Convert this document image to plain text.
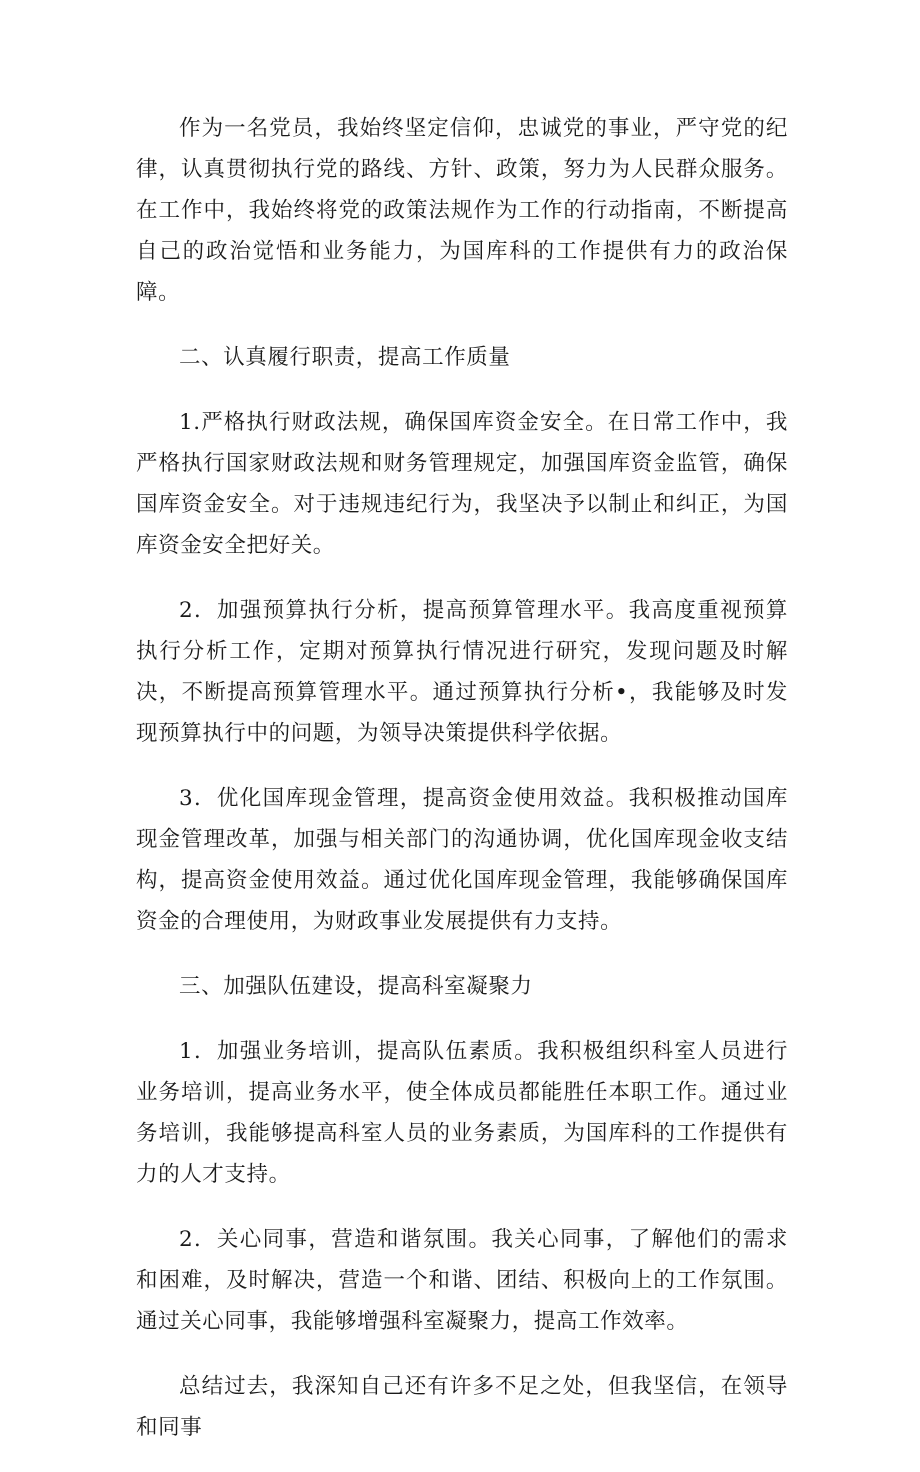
作为一名党员，我始终坚定信仰，忠诚党的事业，严守党的纪律，认真贯彻执行党的路线、方针、政策，努力为人民群众服务。在工作中，我始终将党的政策法规作为工作的行动指南，不断提高自己的政治觉悟和业务能力，为国库科的工作提供有力的政治保障。

二、认真履行职责，提高工作质量

1.严格执行财政法规，确保国库资金安全。在日常工作中，我严格执行国家财政法规和财务管理规定，加强国库资金监管，确保国库资金安全。对于违规违纪行为，我坚决予以制止和纠正，为国库资金安全把好关。

2．加强预算执行分析，提高预算管理水平。我高度重视预算执行分析工作，定期对预算执行情况进行研究，发现问题及时解决，不断提高预算管理水平。通过预算执行分析•，我能够及时发现预算执行中的问题，为领导决策提供科学依据。

3．优化国库现金管理，提高资金使用效益。我积极推动国库现金管理改革，加强与相关部门的沟通协调，优化国库现金收支结构，提高资金使用效益。通过优化国库现金管理，我能够确保国库资金的合理使用，为财政事业发展提供有力支持。

三、加强队伍建设，提高科室凝聚力

1．加强业务培训，提高队伍素质。我积极组织科室人员进行业务培训，提高业务水平，使全体成员都能胜任本职工作。通过业务培训，我能够提高科室人员的业务素质，为国库科的工作提供有力的人才支持。

2．关心同事，营造和谐氛围。我关心同事，了解他们的需求和困难，及时解决，营造一个和谐、团结、积极向上的工作氛围。通过关心同事，我能够增强科室凝聚力，提高工作效率。

总结过去，我深知自己还有许多不足之处，但我坚信，在领导和同事
